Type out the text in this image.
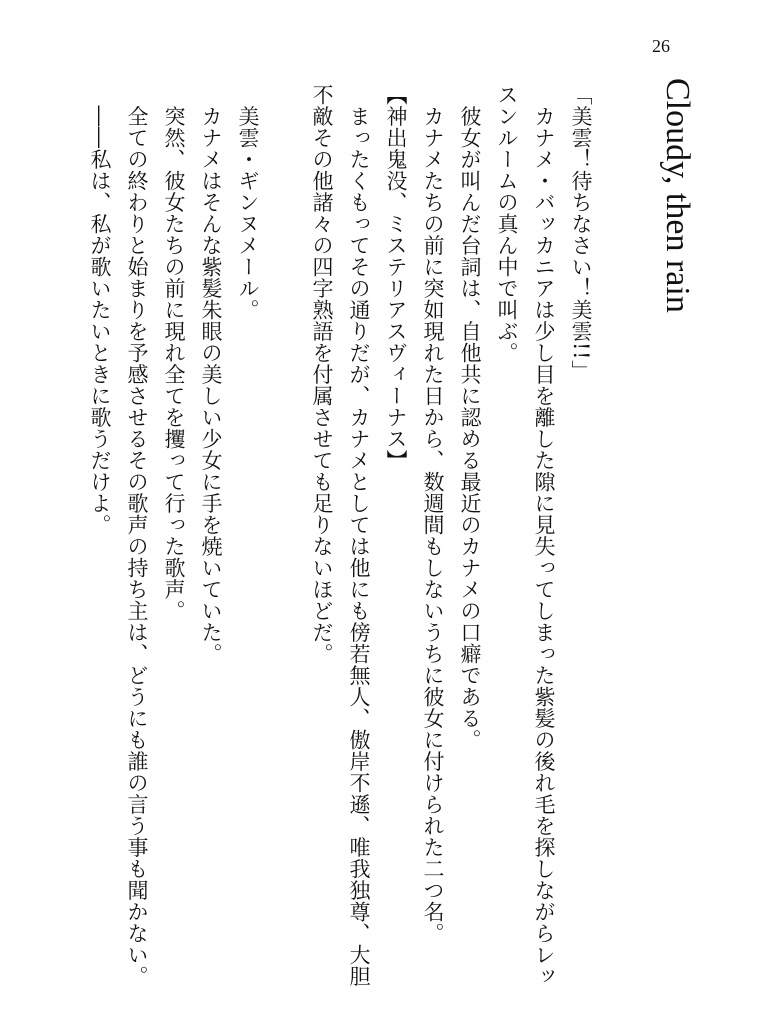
26
Cloudy, then rain
「美雲！待ちなさい！美雲!!」
　カナメ・バッカニアは少し目を離した隙に見失ってしまった紫髪の後れ毛を探しながらレッ
スンルームの真ん中で叫ぶ。
　彼女が叫んだ台詞は、自他共に認める最近のカナメの口癖である。
　カナメたちの前に突如現れた日から、数週間もしないうちに彼女に付けられた二つ名。
【神出鬼没、ミステリアスヴィーナス】
　まったくもってその通りだが、カナメとしては他にも傍若無人、傲岸不遜、唯我独尊、大胆
不敵その他諸々の四字熟語を付属させても足りないほどだ。
　美雲・ギンヌメール。
　カナメはそんな紫髪朱眼の美しい少女に手を焼いていた。
　突然、彼女たちの前に現れ全てを攫って行った歌声。
　全ての終わりと始まりを予感させるその歌声の持ち主は、どうにも誰の言う事も聞かない。
　――私は、私が歌いたいときに歌うだけよ。
